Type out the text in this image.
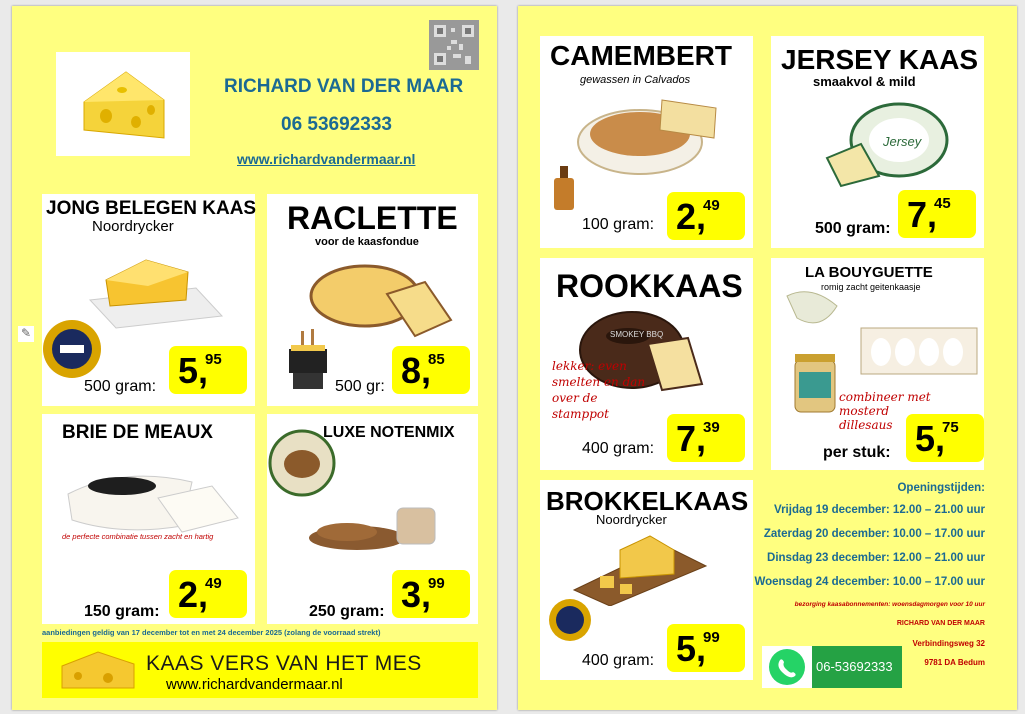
RICHARD VAN DER MAAR
06 53692333
www.richardvandermaar.nl
JONG BELEGEN KAAS
Noordrycker
500 gram: 5,
95
RACLETTE
voor de kaasfondue
500 gr: 8,
85
BRIE DE MEAUX
de perfecte combinatie tussen zacht en hartig
150 gram: 2,
49
LUXE NOTENMIX
250 gram: 3,
99
aanbiedingen geldig van 17 december tot en met 24 december 2025 (zolang de voorraad strekt)
KAAS VERS VAN HET MES
www.richardvandermaar.nl
✎
CAMEMBERT
gewassen in Calvados
100 gram: 2,
49
JERSEY KAAS
smaakvol & mild
Jersey
500 gram: 7,
45
ROOKKAAS
SMOKEY BBQ
lekker: even smelten en dan over de stamppot
400 gram: 7,
39
LA BOUYGUETTE
romig zacht geitenkaasje
combineer met mosterd dillesaus
per stuk: 5,
75
BROKKELKAAS
Noordrycker
400 gram: 5,
99
Openingstijden:
Vrijdag 19 december: 12.00 – 21.00 uur
Zaterdag 20 december: 10.00 – 17.00 uur
Dinsdag 23 december: 12.00 – 21.00 uur
Woensdag 24 december: 10.00 – 17.00 uur
bezorging kaasabonnementen: woensdagmorgen voor 10 uur
RICHARD VAN DER MAAR
Verbindingsweg 32
9781 DA Bedum
06-53692333
